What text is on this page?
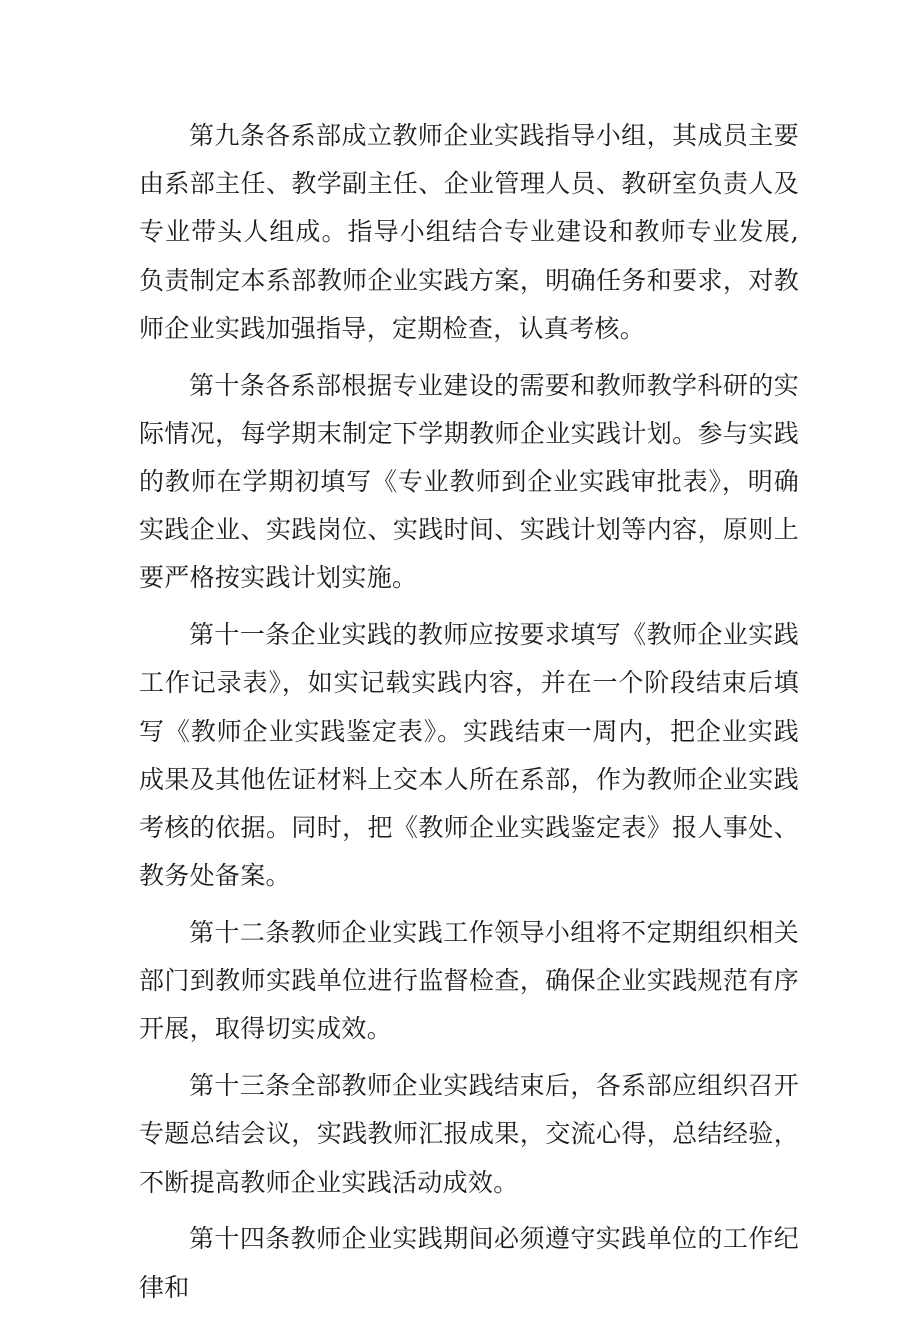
第九条各系部成立教师企业实践指导小组，其成员主要由系部主任、教学副主任、企业管理人员、教研室负责人及专业带头人组成。指导小组结合专业建设和教师专业发展,负责制定本系部教师企业实践方案，明确任务和要求，对教师企业实践加强指导，定期检查，认真考核。

第十条各系部根据专业建设的需要和教师教学科研的实际情况，每学期末制定下学期教师企业实践计划。参与实践的教师在学期初填写《专业教师到企业实践审批表》，明确实践企业、实践岗位、实践时间、实践计划等内容，原则上要严格按实践计划实施。

第十一条企业实践的教师应按要求填写《教师企业实践工作记录表》，如实记载实践内容，并在一个阶段结束后填写《教师企业实践鉴定表》。实践结束一周内，把企业实践成果及其他佐证材料上交本人所在系部，作为教师企业实践考核的依据。同时，把《教师企业实践鉴定表》报人事处、教务处备案。

第十二条教师企业实践工作领导小组将不定期组织相关部门到教师实践单位进行监督检查，确保企业实践规范有序开展，取得切实成效。

第十三条全部教师企业实践结束后，各系部应组织召开专题总结会议，实践教师汇报成果，交流心得，总结经验，不断提高教师企业实践活动成效。

第十四条教师企业实践期间必须遵守实践单位的工作纪律和
